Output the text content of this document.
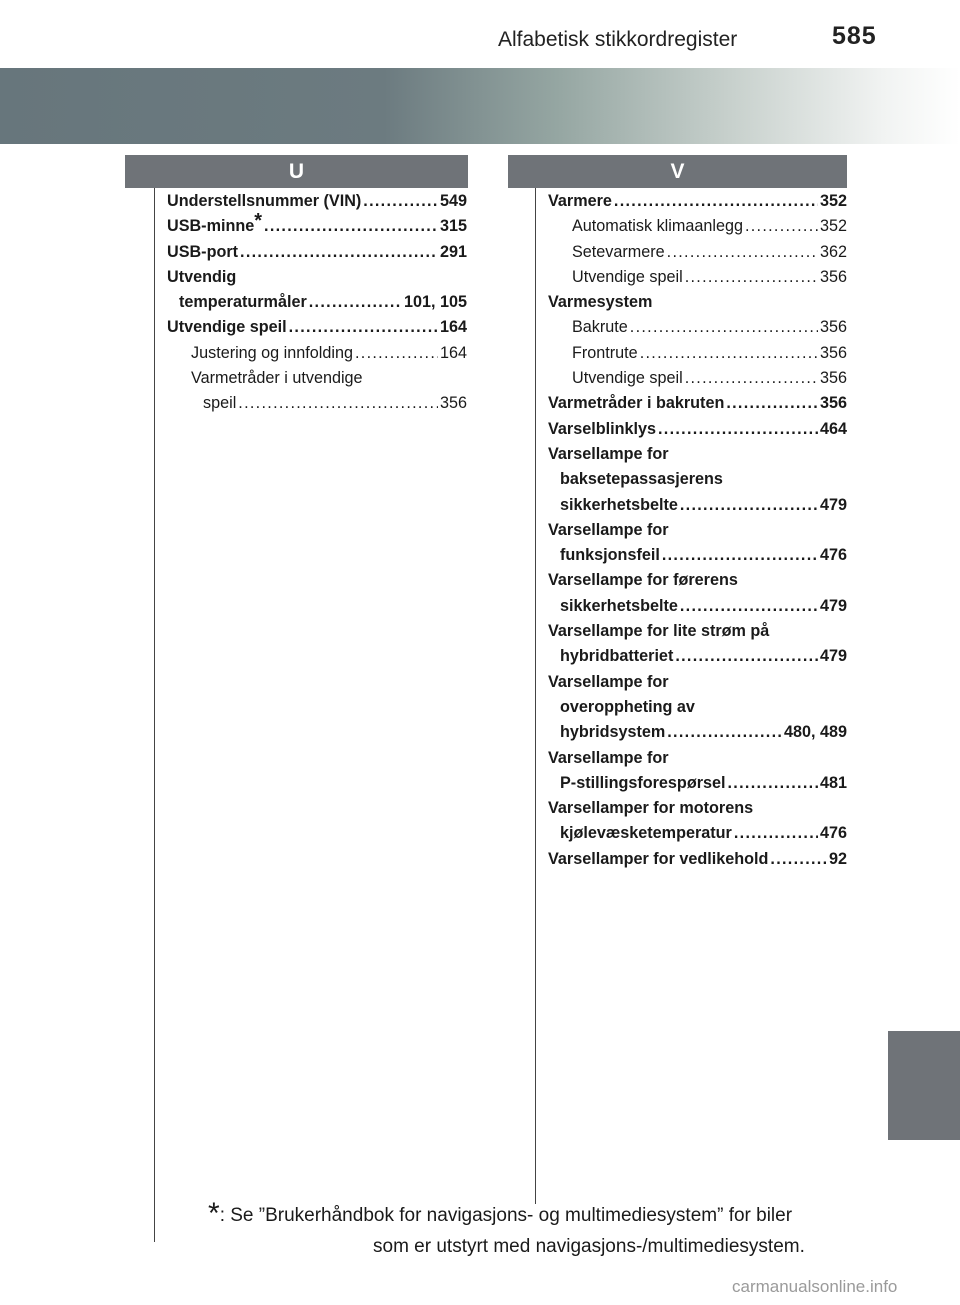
Alfabetisk stikkordregister	585
U	V
Understellsnummer (VIN) . . .	549
USB-minne* . . .	315
USB-port . . .	291
Utvendig
temperaturmåler . . .	101, 105
Utvendige speil . . .	164
Justering og innfolding . . .	164
Varmetråder i utvendige
speil . . .	356
Varmere . . .	352
Automatisk klimaanlegg . . .	352
Setevarmere . . .	362
Utvendige speil . . .	356
Varmesystem
Bakrute . . .	356
Frontrute . . .	356
Utvendige speil . . .	356
Varmetråder i bakruten . . .	356
Varselblinklys . . .	464
Varsellampe for
baksetepassasjerens
sikkerhetsbelte . . .	479
Varsellampe for
funksjonsfeil . . .	476
Varsellampe for førerens
sikkerhetsbelte . . .	479
Varsellampe for lite strøm på
hybridbatteriet . . .	479
Varsellampe for
overoppheting av
hybridsystem . . .	480, 489
Varsellampe for
P-stillingsforespørsel . . .	481
Varsellamper for motorens
kjølevæsketemperatur . . .	476
Varsellamper for vedlikehold . . .	92
*: Se ”Brukerhåndbok for navigasjons- og multimediesystem” for biler
som er utstyrt med navigasjons-/multimediesystem.
carmanualsonline.info
